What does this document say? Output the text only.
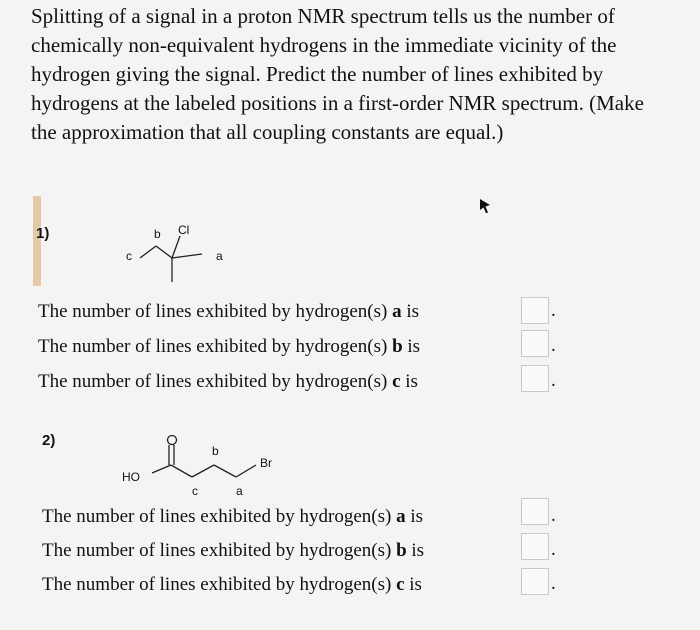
Splitting of a signal in a proton NMR spectrum tells us the number of chemically non-equivalent hydrogens in the immediate vicinity of the hydrogen giving the signal. Predict the number of lines exhibited by hydrogens at the labeled positions in a first-order NMR spectrum. (Make the approximation that all coupling constants are equal.)

1)
c
b Cl
a
The number of lines exhibited by hydrogen(s) a is	.
The number of lines exhibited by hydrogen(s) b is	.
The number of lines exhibited by hydrogen(s) c is	.
2)
HO
b
Br
c	a
The number of lines exhibited by hydrogen(s) a is	.
The number of lines exhibited by hydrogen(s) b is	.
The number of lines exhibited by hydrogen(s) c is	.
